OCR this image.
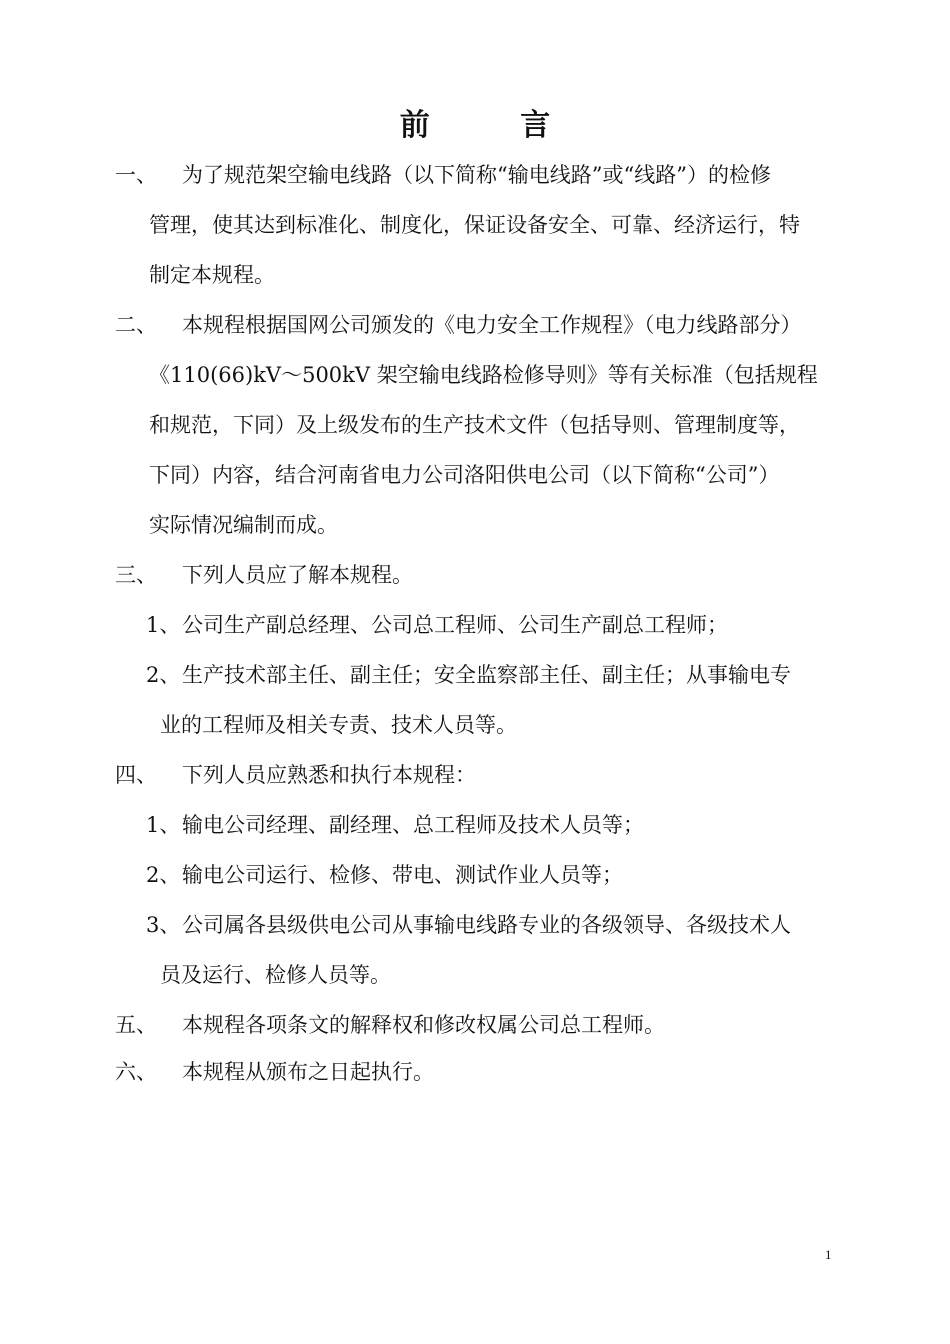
前 言
一、 为了规范架空输电线路（以下简称“输电线路”或“线路”）的检修
管理，使其达到标准化、制度化，保证设备安全、可靠、经济运行，特
制定本规程。
二、 本规程根据国网公司颁发的《电力安全工作规程》（电力线路部分）
《110(66)kV～500kV 架空输电线路检修导则》等有关标准（包括规程
和规范，下同）及上级发布的生产技术文件（包括导则、管理制度等，
下同）内容，结合河南省电力公司洛阳供电公司（以下简称“公司”）
实际情况编制而成。
三、 下列人员应了解本规程。
1、 公司生产副总经理、公司总工程师、公司生产副总工程师；
2、 生产技术部主任、副主任；安全监察部主任、副主任；从事输电专
业的工程师及相关专责、技术人员等。
四、 下列人员应熟悉和执行本规程：
1、 输电公司经理、副经理、总工程师及技术人员等；
2、 输电公司运行、检修、带电、测试作业人员等；
3、 公司属各县级供电公司从事输电线路专业的各级领导、各级技术人
员及运行、检修人员等。
五、 本规程各项条文的解释权和修改权属公司总工程师。
六、 本规程从颁布之日起执行。
1
